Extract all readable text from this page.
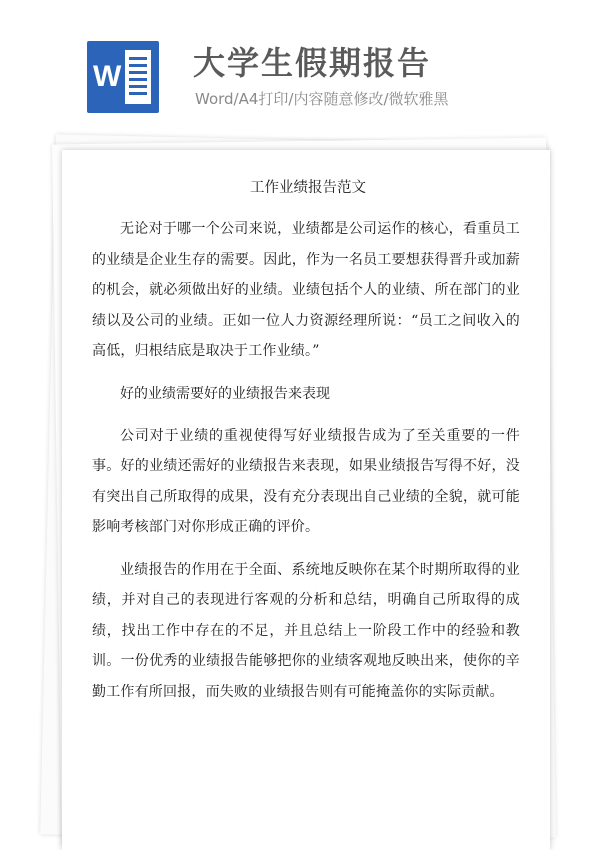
W	大学生假期报告
Word/A4打印/内容随意修改/微软雅黑
工作业绩报告范文

无论对于哪一个公司来说，业绩都是公司运作的核心，看重员工的业绩是企业生存的需要。因此，作为一名员工要想获得晋升或加薪的机会，就必须做出好的业绩。业绩包括个人的业绩、所在部门的业绩以及公司的业绩。正如一位人力资源经理所说：“员工之间收入的高低，归根结底是取决于工作业绩。”

好的业绩需要好的业绩报告来表现

公司对于业绩的重视使得写好业绩报告成为了至关重要的一件事。好的业绩还需好的业绩报告来表现，如果业绩报告写得不好，没有突出自己所取得的成果，没有充分表现出自己业绩的全貌，就可能影响考核部门对你形成正确的评价。

业绩报告的作用在于全面、系统地反映你在某个时期所取得的业绩，并对自己的表现进行客观的分析和总结，明确自己所取得的成绩，找出工作中存在的不足，并且总结上一阶段工作中的经验和教训。一份优秀的业绩报告能够把你的业绩客观地反映出来，使你的辛勤工作有所回报，而失败的业绩报告则有可能掩盖你的实际贡献。
